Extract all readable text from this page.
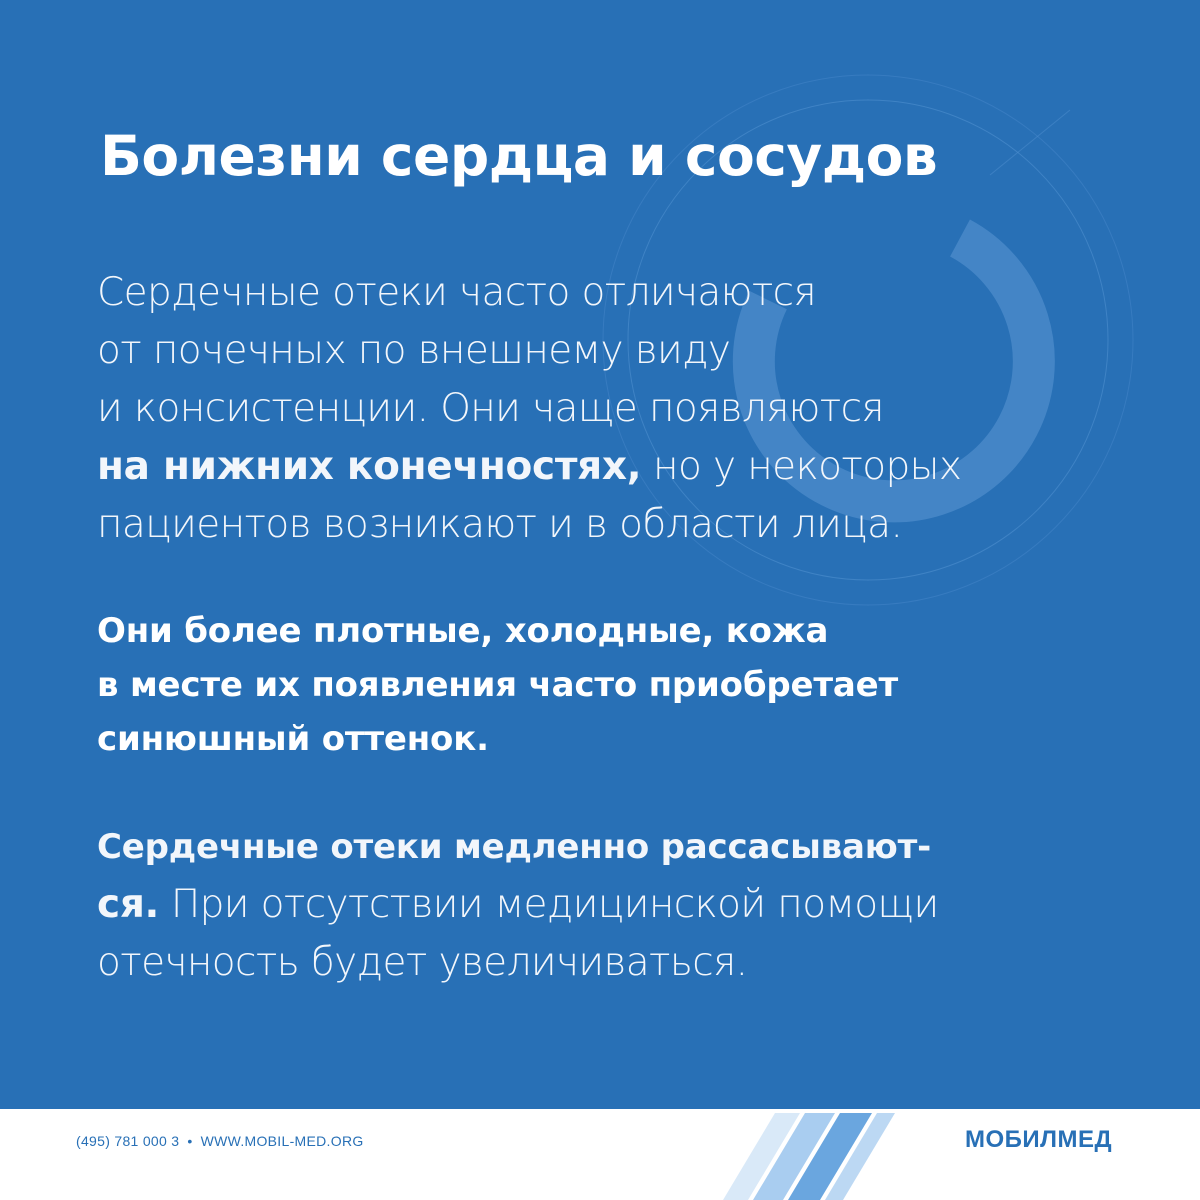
Болезни сердца и сосудов

Сердечные отеки часто отличаются
от почечных по внешнему виду
и консистенции. Они чаще появляются
на нижних конечностях, но у некоторых
пациентов возникают и в области лица.

Они более плотные, холодные, кожа
в месте их появления часто приобретает
синюшный оттенок.

Сердечные отеки медленно рассасывают-
ся. При отсутствии медицинской помощи
отечность будет увеличиваться.

(495) 781 000 3 • WWW.MOBIL-MED.ORG	МОБИЛМЕД
